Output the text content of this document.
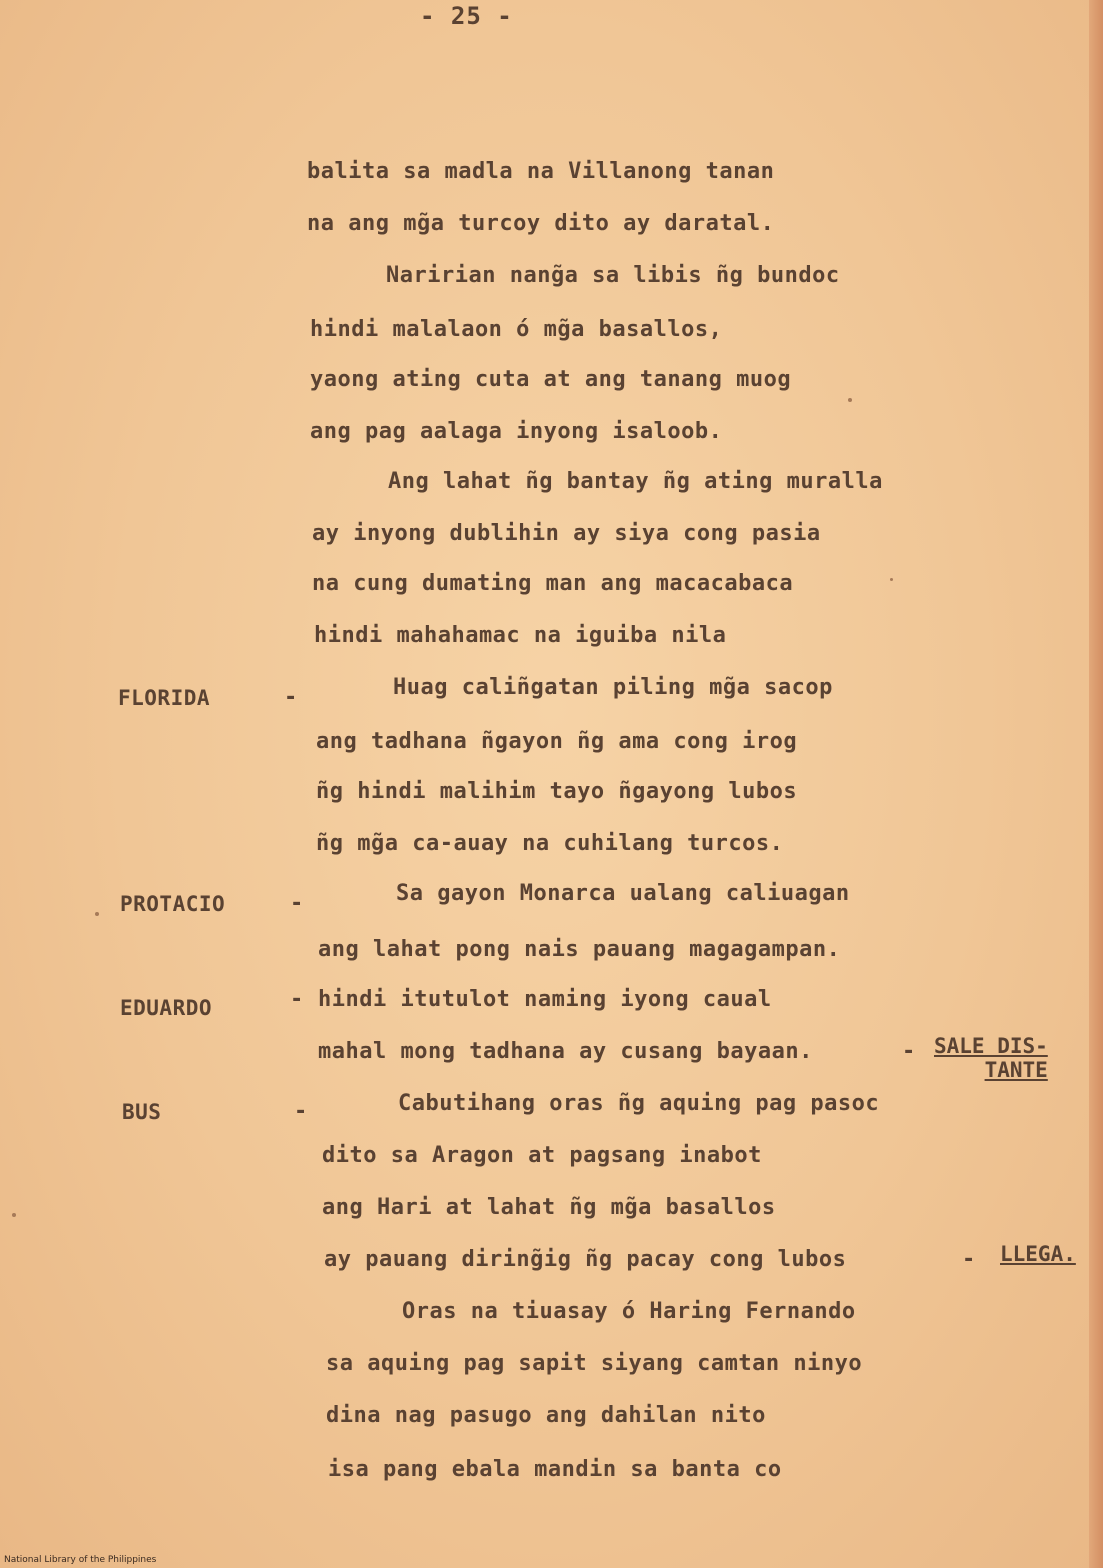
- 25 -
balita sa madla na Villanong tanan
na ang mg̃a turcoy dito ay daratal.
Naririan nang̃a sa libis ñg bundoc
hindi malalaon ó mg̃a basallos,
yaong ating cuta at ang tanang muog
ang pag aalaga inyong isaloob.
Ang lahat ñg bantay ñg ating muralla
ay inyong dublihin ay siya cong pasia
na cung dumating man ang macacabaca
hindi mahahamac na iguiba nila
FLORIDA	-	Huag caliñgatan piling mg̃a sacop
ang tadhana ñgayon ñg ama cong irog
ñg hindi malihim tayo ñgayong lubos
ñg mg̃a ca-auay na cuhilang turcos.
PROTACIO	-	Sa gayon Monarca ualang caliuagan
ang lahat pong nais pauang magagampan.
EDUARDO	- hindi itutulot naming iyong caual
mahal mong tadhana ay cusang bayaan.	- SALE DIS-
TANTE
BUS	-	Cabutihang oras ñg aquing pag pasoc
dito sa Aragon at pagsang inabot
ang Hari at lahat ñg mg̃a basallos
ay pauang diring̃ig ñg pacay cong lubos	- LLEGA.
Oras na tiuasay ó Haring Fernando
sa aquing pag sapit siyang camtan ninyo
dina nag pasugo ang dahilan nito
isa pang ebala mandin sa banta co
National Library of the Philippines
